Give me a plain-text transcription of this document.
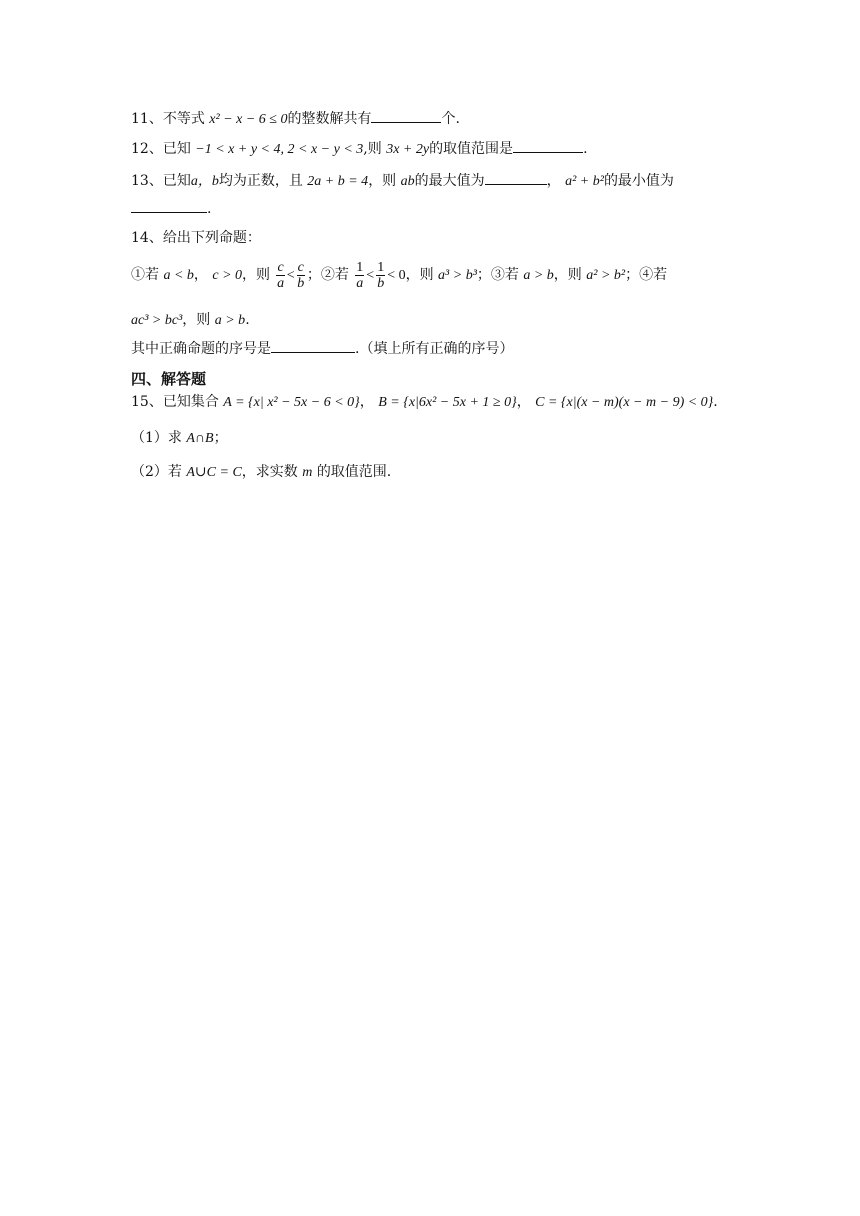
11、不等式 x² − x − 6 ≤ 0的整数解共有	个.
12、已知 −1 < x + y < 4, 2 < x − y < 3,则 3x + 2y的取值范围是	.
13、已知a，b均为正数，且 2a + b = 4，则 ab的最大值为	， a² + b²的最小值为
.
14、给出下列命题：
①若 a < b， c > 0，则 $\frac{c}{a} < \frac{c}{b}$ ；②若 $\frac{1}{a} < \frac{1}{b} < 0$，则 a³ > b³；③若 a > b，则 a² > b²；④若
ac³ > bc³，则 a > b.
其中正确命题的序号是	.（填上所有正确的序号）
四、解答题
15、已知集合 A = {x| x² − 5x − 6 < 0}， B = {x|6x² − 5x + 1 ≥ 0}， C = {x|(x − m)(x − m − 9) < 0}.
（1）求 A∩B；
（2）若 A∪C = C，求实数 m 的取值范围.
